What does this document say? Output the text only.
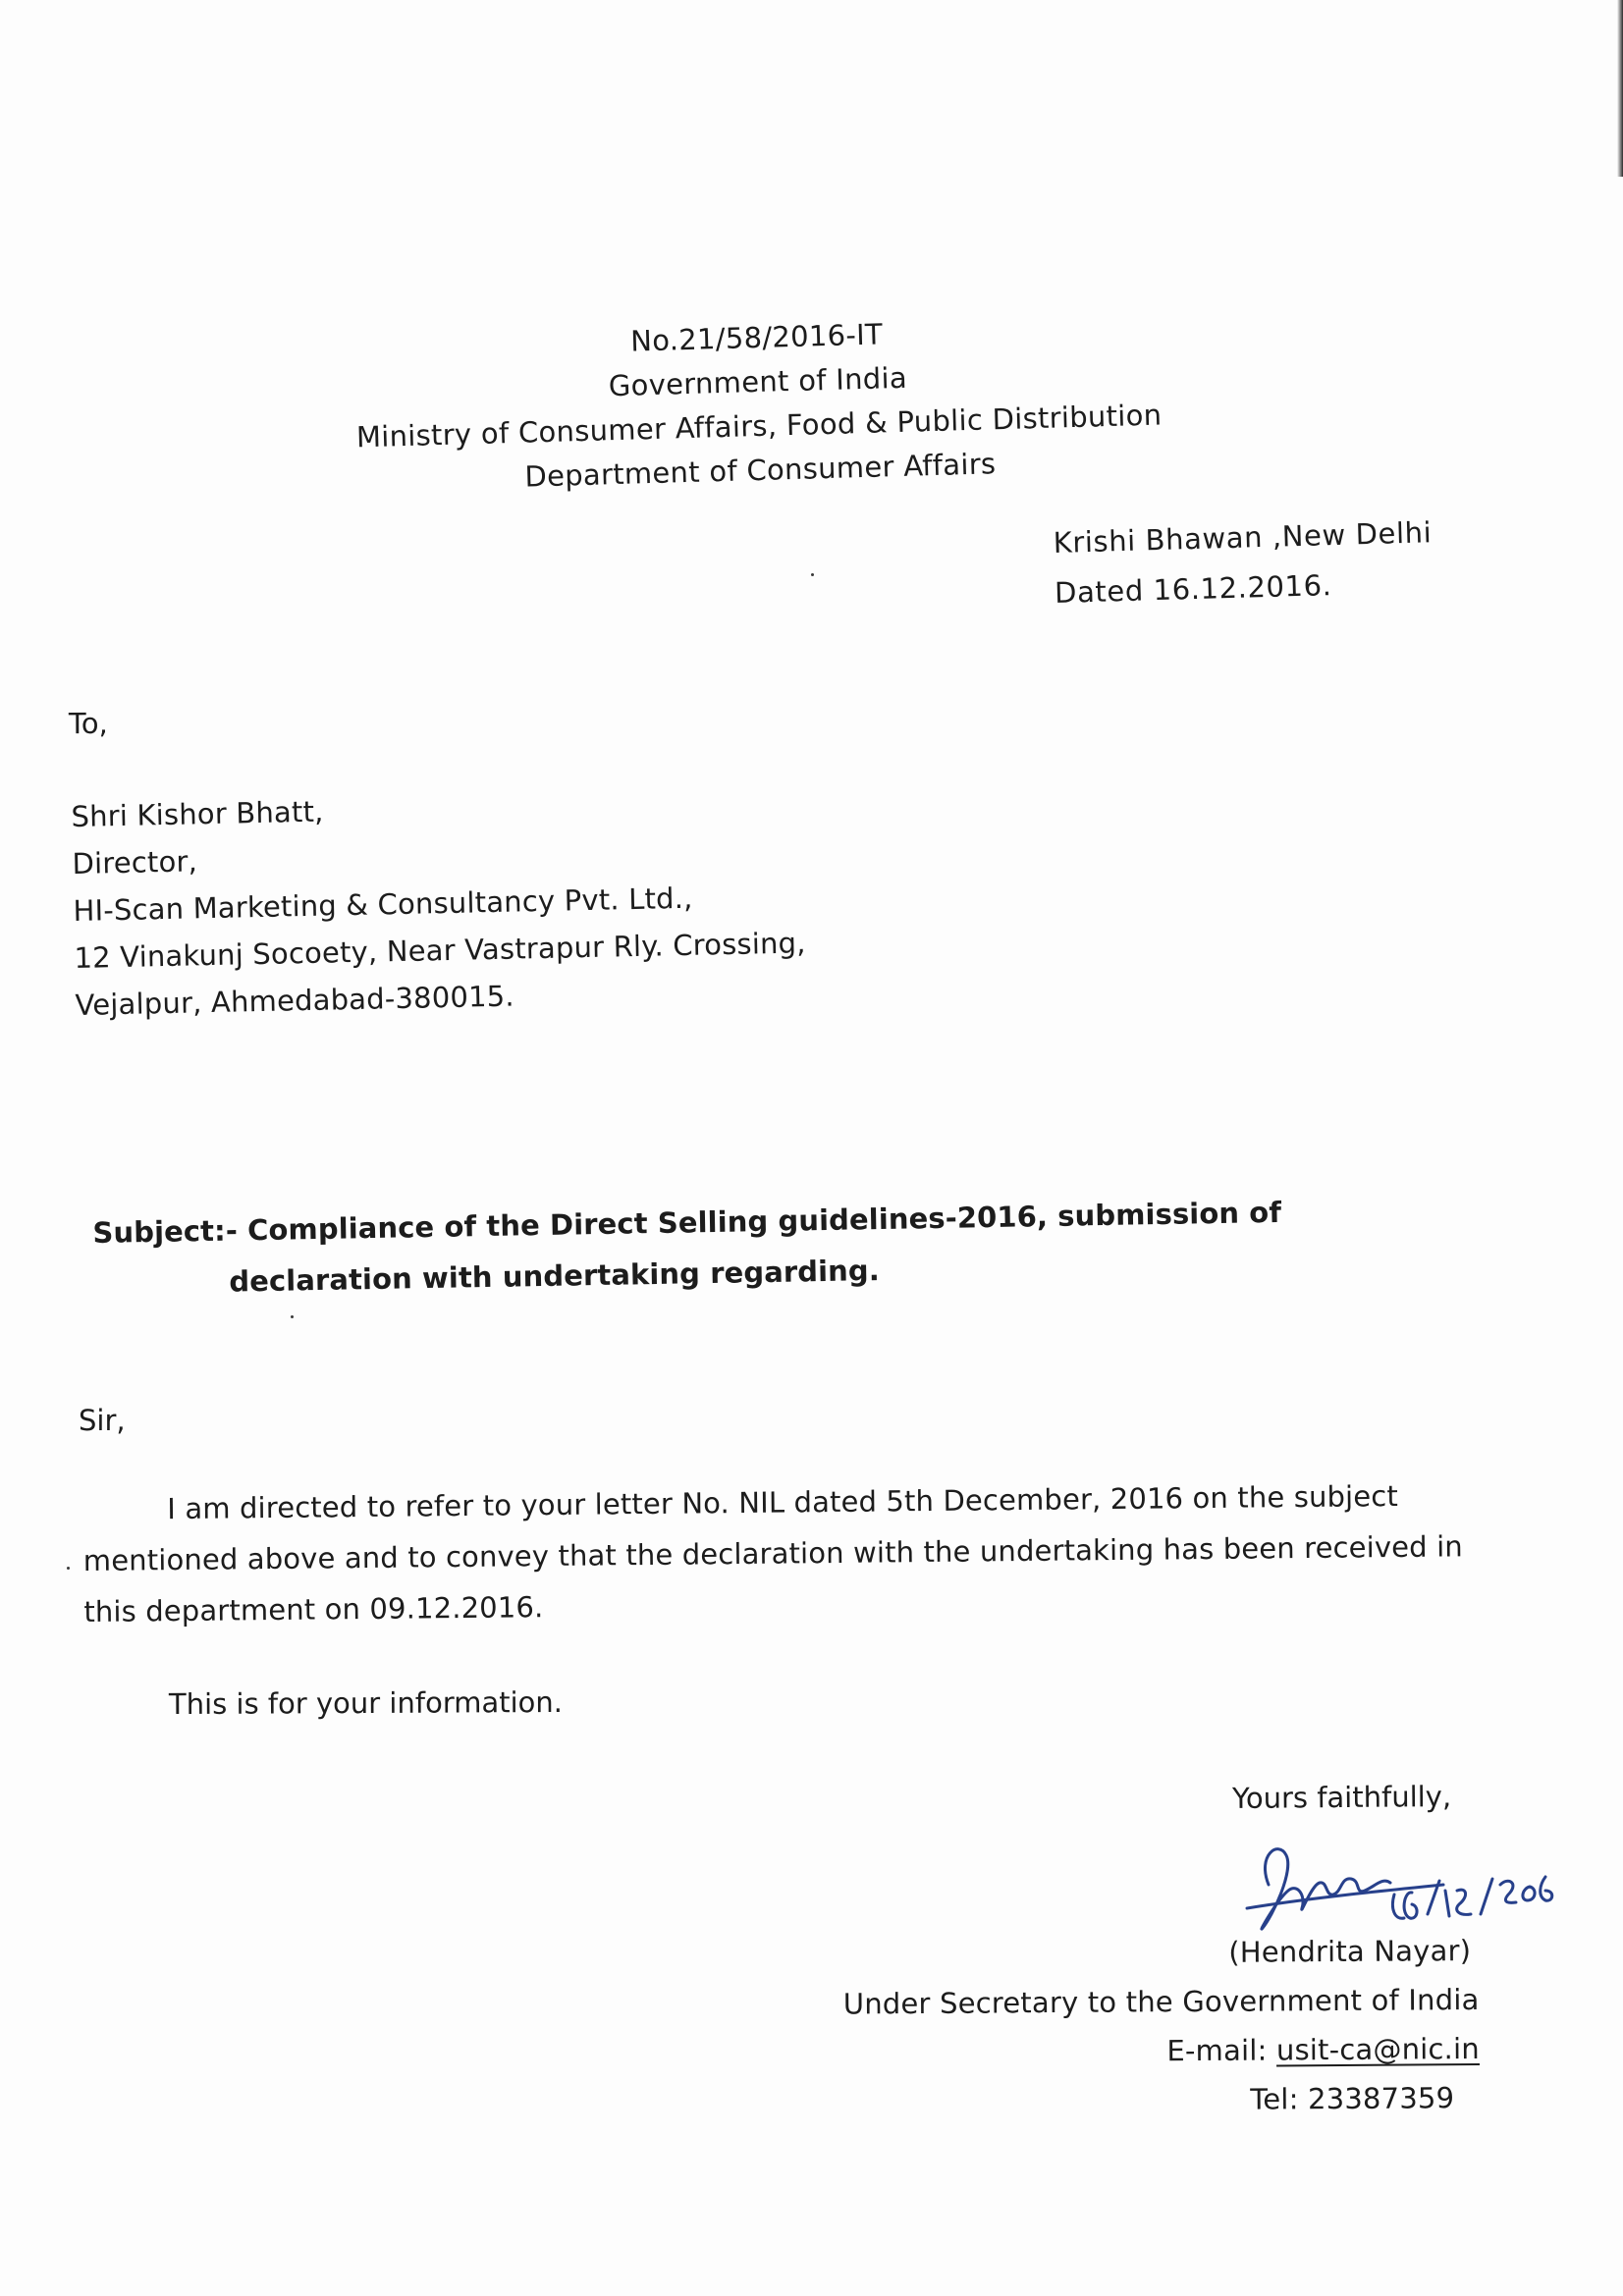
No.21/58/2016-IT
Government of India
Ministry of Consumer Affairs, Food & Public Distribution
Department of Consumer Affairs
Krishi Bhawan ,New Delhi
Dated 16.12.2016.
To,
Shri Kishor Bhatt,
Director,
HI-Scan Marketing & Consultancy Pvt. Ltd.,
12 Vinakunj Socoety, Near Vastrapur Rly. Crossing,
Vejalpur, Ahmedabad-380015.
Subject:- Compliance of the Direct Selling guidelines-2016, submission of
declaration with undertaking regarding.
Sir,
I am directed to refer to your letter No. NIL dated 5th December, 2016 on the subject
mentioned above and to convey that the declaration with the undertaking has been received in
this department on 09.12.2016.
This is for your information.
Yours faithfully,
(Hendrita Nayar)
Under Secretary to the Government of India
E-mail: usit-ca@nic.in
Tel: 23387359
